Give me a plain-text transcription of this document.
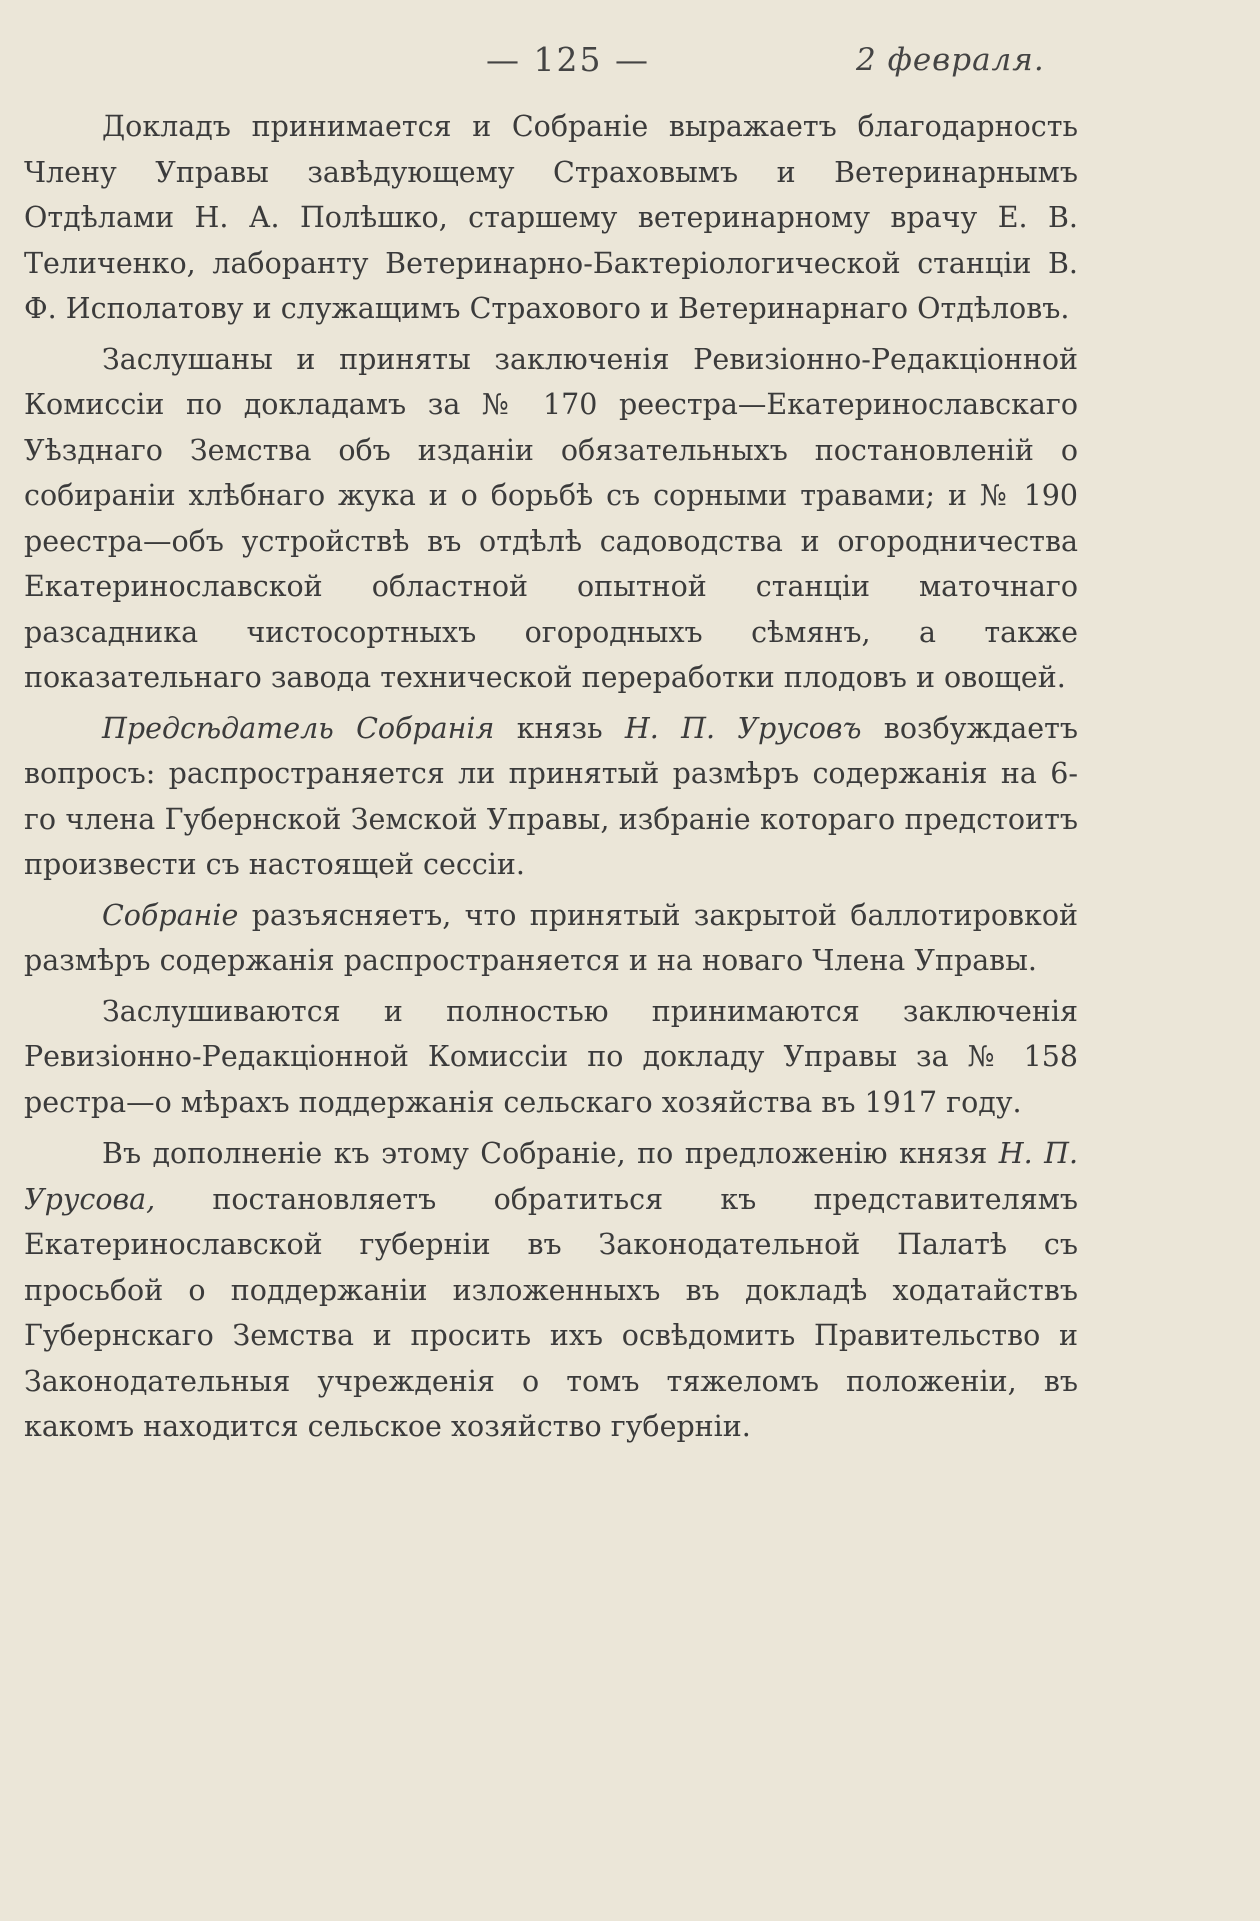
— 125 —	2 февраля.

Докладъ принимается и Собраніе выражаетъ благодарность Члену Управы завѣдующему Страховымъ и Ветеринарнымъ Отдѣлами Н. А. Полѣшко, старшему ветеринарному врачу Е. В. Теличенко, лаборанту Ветеринарно-Бактеріологической станціи В. Ф. Исполатову и служащимъ Страхового и Ветеринарнаго Отдѣловъ.

Заслушаны и приняты заключенія Ревизіонно-Редакціонной Комиссіи по докладамъ за № 170 реестра—Екатеринославскаго Уѣзднаго Земства объ изданіи обязательныхъ постановленій о собираніи хлѣбнаго жука и о борьбѣ съ сорными травами; и № 190 реестра—объ устройствѣ въ отдѣлѣ садоводства и огородничества Екатеринославской областной опытной станціи маточнаго разсадника чистосортныхъ огородныхъ сѣмянъ, а также показательнаго завода технической переработки плодовъ и овощей.

Предсѣдатель Собранія князь Н. П. Урусовъ возбуждаетъ вопросъ: распространяется ли принятый размѣръ содержанія на 6-го члена Губернской Земской Управы, избраніе котораго предстоитъ произвести съ настоящей сессіи.

Собраніе разъясняетъ, что принятый закрытой баллотировкой размѣръ содержанія распространяется и на новаго Члена Управы.

Заслушиваются и полностью принимаются заключенія Ревизіонно-Редакціонной Комиссіи по докладу Управы за № 158 рестра—о мѣрахъ поддержанія сельскаго хозяйства въ 1917 году.

Въ дополненіе къ этому Собраніе, по предложенію князя Н. П. Урусова, постановляетъ обратиться къ представителямъ Екатеринославской губерніи въ Законодательной Палатѣ съ просьбой о поддержаніи изложенныхъ въ докладѣ ходатайствъ Губернскаго Земства и просить ихъ освѣдомить Правительство и Законодательныя учрежденія о томъ тяжеломъ положеніи, въ какомъ находится сельское хозяйство губерніи.
